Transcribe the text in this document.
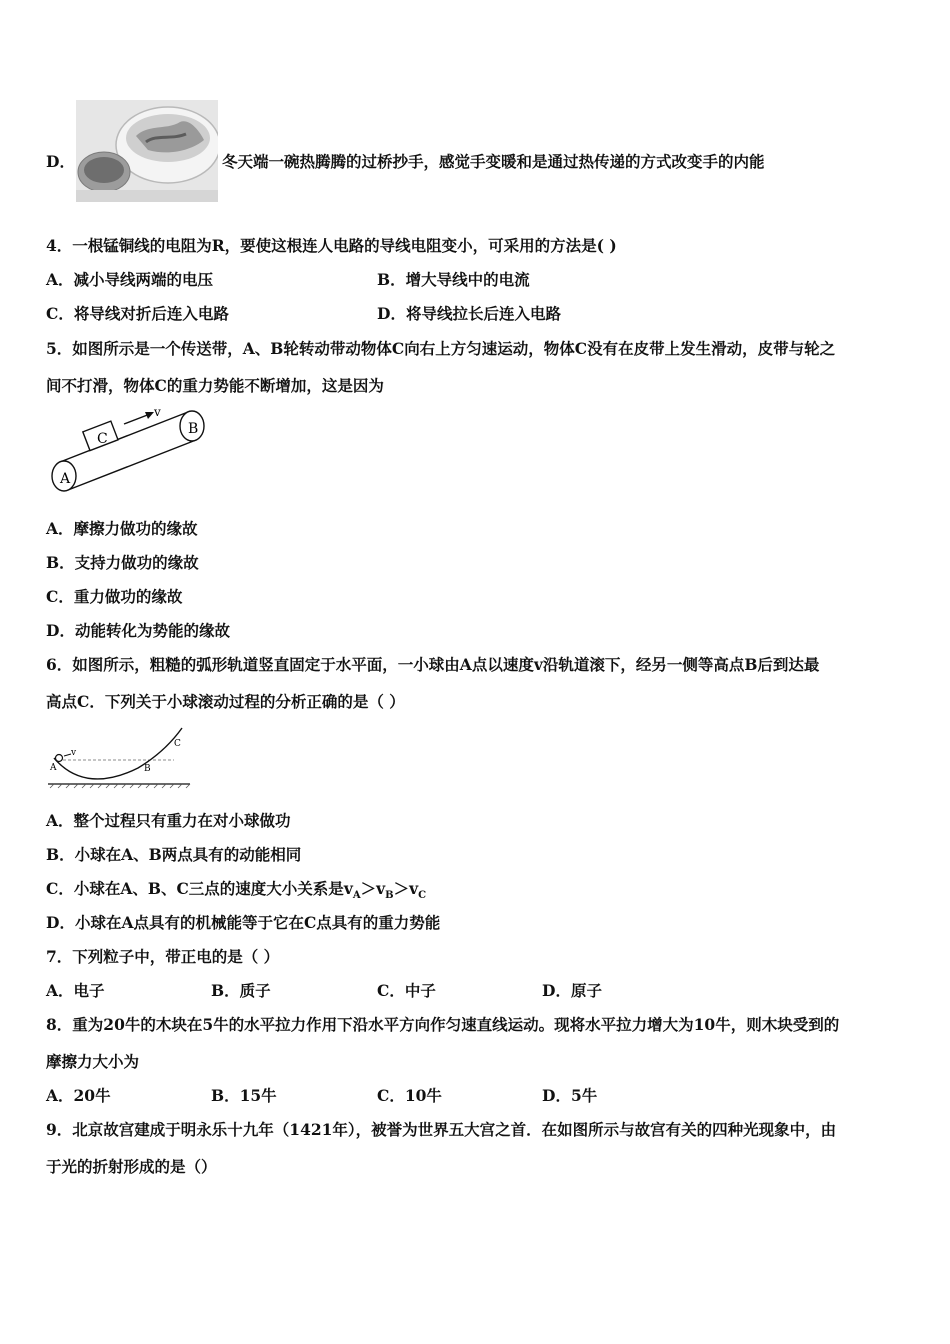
D．	冬天端一碗热腾腾的过桥抄手，感觉手变暖和是通过热传递的方式改变手的内能
4．一根锰铜线的电阻为R，要使这根连人电路的导线电阻变小，可采用的方法是( )
A．减小导线两端的电压	B．增大导线中的电流
C．将导线对折后连入电路	D．将导线拉长后连入电路
5．如图所示是一个传送带，A、B轮转动带动物体C向右上方匀速运动，物体C没有在皮带上发生滑动，皮带与轮之
间不打滑，物体C的重力势能不断增加，这是因为
A
B
C
v
A．摩擦力做功的缘故
B．支持力做功的缘故
C．重力做功的缘故
D．动能转化为势能的缘故
6．如图所示，粗糙的弧形轨道竖直固定于水平面，一小球由A点以速度v沿轨道滚下，经另一侧等高点B后到达最
高点C．下列关于小球滚动过程的分析正确的是（ ）
v
A	B
C
A．整个过程只有重力在对小球做功
B．小球在A、B两点具有的动能相同
C．小球在A、B、C三点的速度大小关系是$v_A>v_B>v_C$
D．小球在A点具有的机械能等于它在C点具有的重力势能
7．下列粒子中，带正电的是（ ）
A．电子	B．质子	C．中子	D．原子
8．重为20牛的木块在5牛的水平拉力作用下沿水平方向作匀速直线运动。现将水平拉力增大为10牛，则木块受到的
摩擦力大小为
A．20牛	B．15牛	C．10牛	D．5牛
9．北京故宫建成于明永乐十九年（1421年），被誉为世界五大宫之首．在如图所示与故宫有关的四种光现象中，由
于光的折射形成的是（）
